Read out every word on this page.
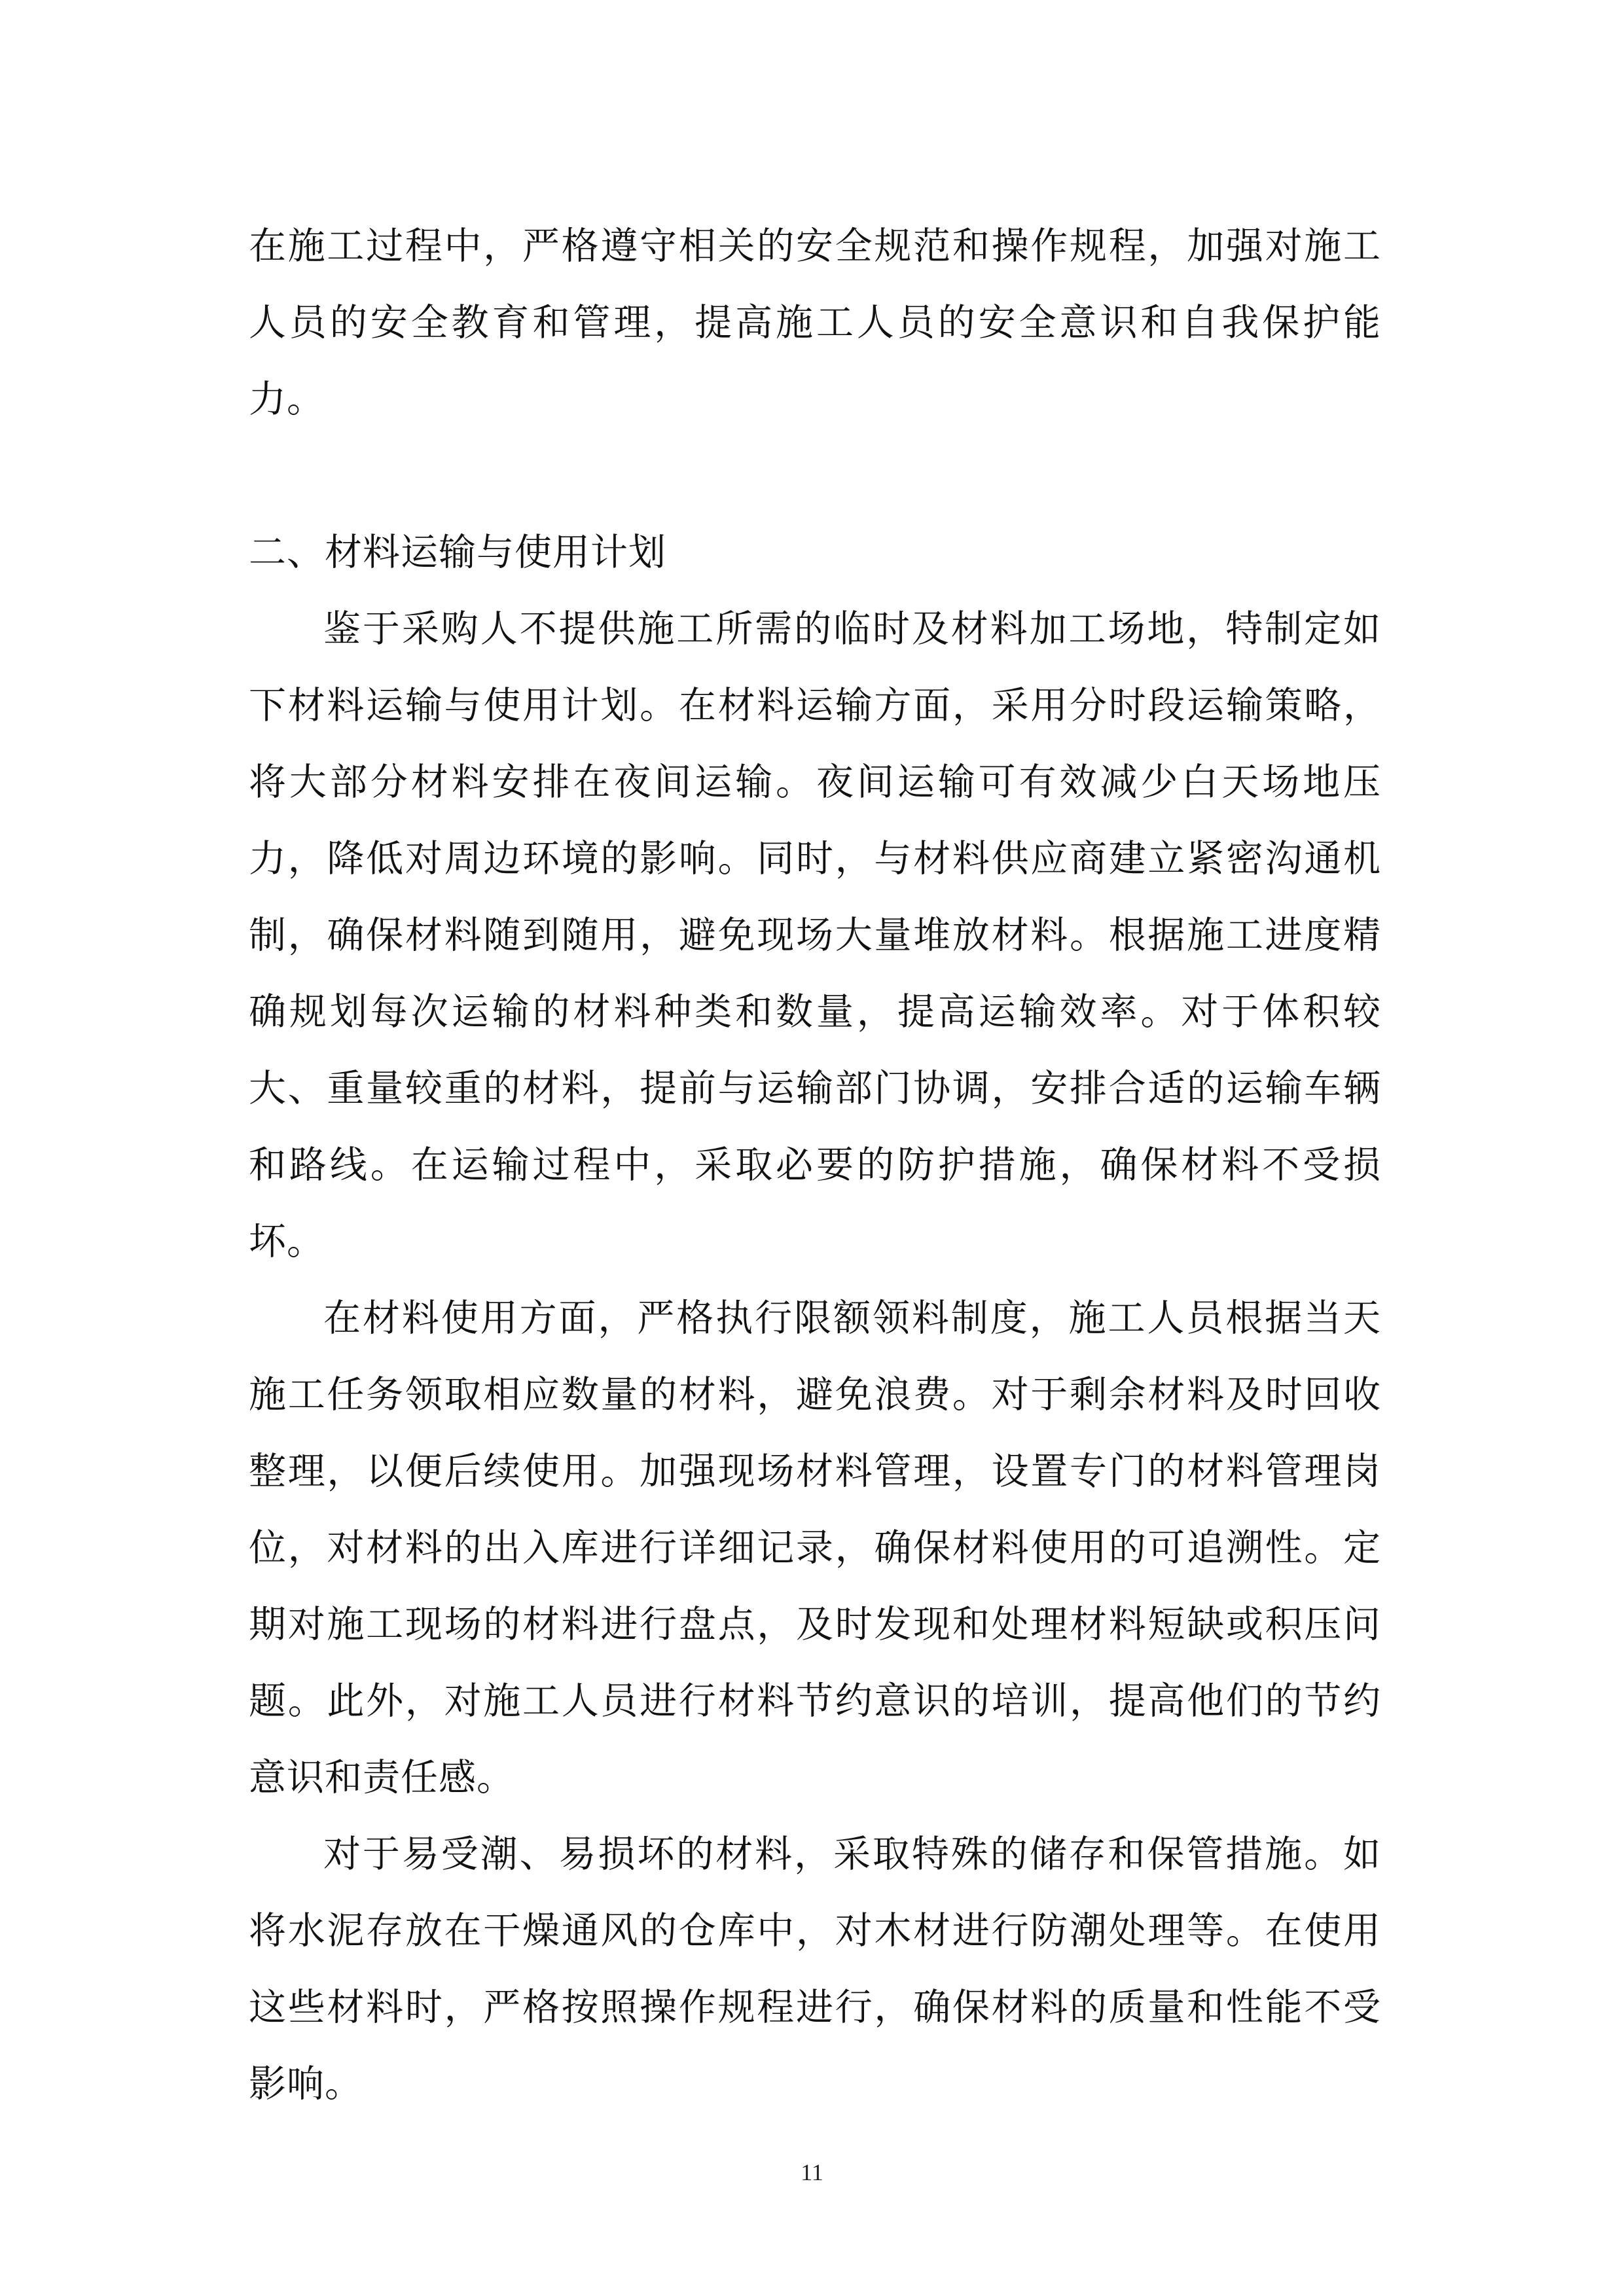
在施工过程中，严格遵守相关的安全规范和操作规程，加强对施工人员的安全教育和管理，提高施工人员的安全意识和自我保护能力。

二、材料运输与使用计划

鉴于采购人不提供施工所需的临时及材料加工场地，特制定如下材料运输与使用计划。在材料运输方面，采用分时段运输策略，将大部分材料安排在夜间运输。夜间运输可有效减少白天场地压力，降低对周边环境的影响。同时，与材料供应商建立紧密沟通机制，确保材料随到随用，避免现场大量堆放材料。根据施工进度精确规划每次运输的材料种类和数量，提高运输效率。对于体积较大、重量较重的材料，提前与运输部门协调，安排合适的运输车辆和路线。在运输过程中，采取必要的防护措施，确保材料不受损坏。

在材料使用方面，严格执行限额领料制度，施工人员根据当天施工任务领取相应数量的材料，避免浪费。对于剩余材料及时回收整理，以便后续使用。加强现场材料管理，设置专门的材料管理岗位，对材料的出入库进行详细记录，确保材料使用的可追溯性。定期对施工现场的材料进行盘点，及时发现和处理材料短缺或积压问题。此外，对施工人员进行材料节约意识的培训，提高他们的节约意识和责任感。

对于易受潮、易损坏的材料，采取特殊的储存和保管措施。如将水泥存放在干燥通风的仓库中，对木材进行防潮处理等。在使用这些材料时，严格按照操作规程进行，确保材料的质量和性能不受影响。

11
